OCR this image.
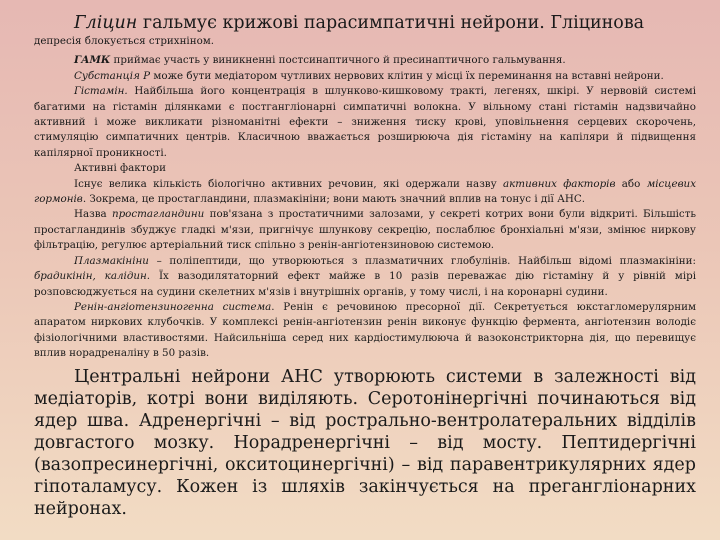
Гліцин гальмує крижові парасимпатичні нейрони. Гліцинова

депресія блокується стрихніном.

ГАМК приймає участь у виникненні постсинаптичного й пресинаптичного гальмування.

Субстанція Р може бути медіатором чутливих нервових клітин у місці їх переминання на вставні нейрони.

Гістамін. Найбільша його концентрація в шлунково-кишковому тракті, легенях, шкірі. У нервовій системі багатими на гістамін ділянками є постгангліонарні симпатичні волокна. У вільному стані гістамін надзвичайно активний і може викликати різноманітні ефекти – зниження тиску крові, уповільнення серцевих скорочень, стимуляцію симпатичних центрів. Класичною вважається розширюючa дія гістаміну на капіляри й підвищення капілярної проникності.

Активні фактори

Існує велика кількість біологічно активних речовин, які одержали назву активних факторів або місцевих гормонів. Зокрема, це простагландини, плазмакініни; вони мають значний вплив на тонус і дії АНС.

Назва простагландини пов'язана з простатичними залозами, у секреті котрих вони були відкриті. Більшість простагландинів збуджує гладкі м'язи, пригнічує шлункову секрецію, послаблює бронхіальні м'язи, змінює ниркову фільтрацію, регулює артеріальний тиск спільно з ренін-ангіотензиновою системою.

Плазмакініни – поліпептиди, що утворюються з плазматичних глобулінів. Найбільш відомі плазмакініни: брадикінін, калідин. Їх вазодилятаторний ефект майже в 10 разів переважає дію гістаміну й у рівній мірі розповсюджується на судини скелетних м'язів і внутрішніх органів, у тому числі, і на коронарні судини.

Ренін-ангіотензиногенна система. Ренін є речовиною пресорної дії. Секретується юкстагломерулярним апаратом ниркових клубочків. У комплексі ренін-ангіотензин ренін виконує функцію фермента, ангіотензин володіє фізіологічними властивостями. Найсильніша серед них кардіостимулююча й вазоконстрикторна дія, що перевищує вплив норадреналіну в 50 разів.

Центральні нейрони АНС утворюють системи в залежності від медіаторів, котрі вони виділяють. Серотонінергічні починаються від ядер шва. Адренергічні – від рострально-вентролатеральних відділів довгастого мозку. Норадренергічні – від мосту. Пептидергічні (вазопресинергічні, окситоцинергічні) – від паравентрикулярних ядер гіпоталамусу. Кожен із шляхів закінчується на прегангліонарних нейронах.
